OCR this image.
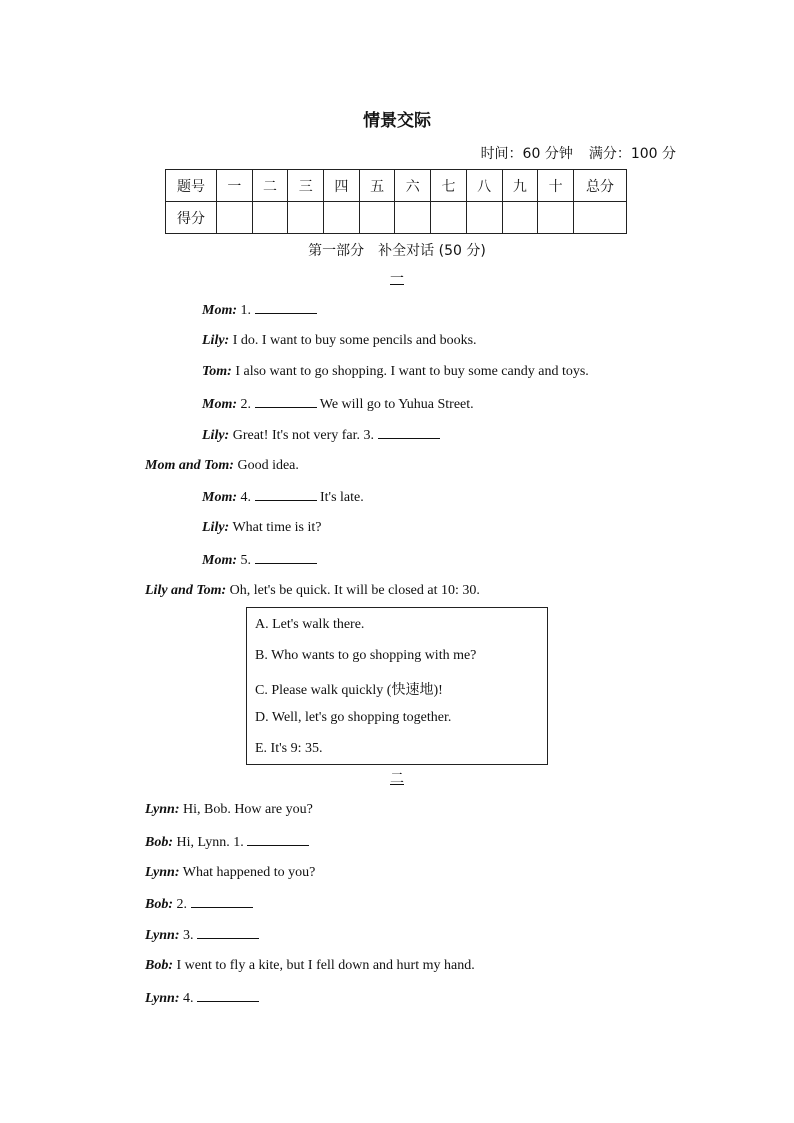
情景交际
时间：60 分钟 满分：100 分
题号	一	二	三	四	五	六	七	八	九	十	总分
得分											
第一部分　补全对话 (50 分)
一
Mom: 1.
Lily: I do. I want to buy some pencils and books.
Tom: I also want to go shopping. I want to buy some candy and toys.
Mom: 2.	We will go to Yuhua Street.
Lily: Great! It's not very far. 3.
Mom and Tom: Good idea.
Mom: 4.	It's late.
Lily: What time is it?
Mom: 5.
Lily and Tom: Oh, let's be quick. It will be closed at 10: 30.
A. Let's walk there.
B. Who wants to go shopping with me?
C. Please walk quickly (快速地)!
D. Well, let's go shopping together.
E. It's 9: 35.
二
Lynn: Hi, Bob. How are you?
Bob: Hi, Lynn. 1.
Lynn: What happened to you?
Bob: 2.
Lynn: 3.
Bob: I went to fly a kite, but I fell down and hurt my hand.
Lynn: 4.
